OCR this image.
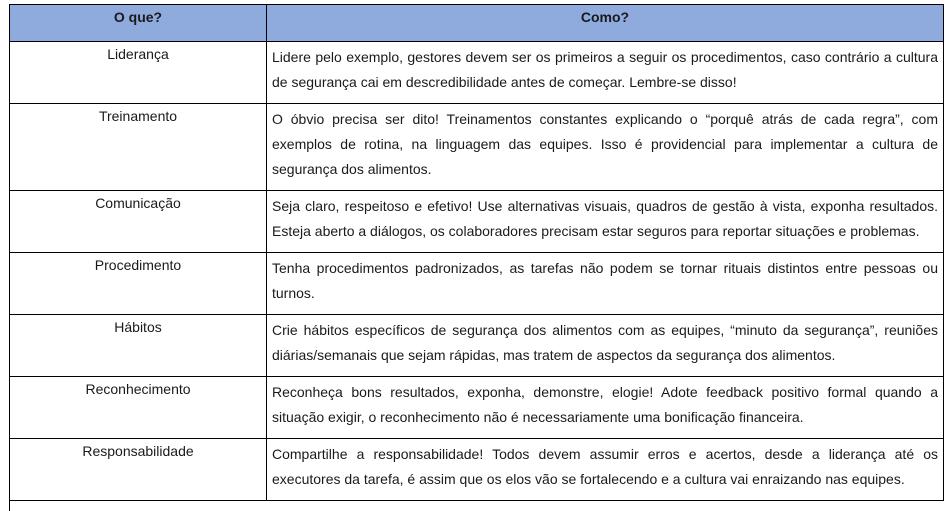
O que?	Como?
Liderança	Lidere pelo exemplo, gestores devem ser os primeiros a seguir os procedimentos, caso contrário a cultura de segurança cai em descredibilidade antes de começar. Lembre-se disso!
Treinamento	O óbvio precisa ser dito! Treinamentos constantes explicando o “porquê atrás de cada regra”, com exemplos de rotina, na linguagem das equipes. Isso é providencial para implementar a cultura de segurança dos alimentos.
Comunicação	Seja claro, respeitoso e efetivo! Use alternativas visuais, quadros de gestão à vista, exponha resultados. Esteja aberto a diálogos, os colaboradores precisam estar seguros para reportar situações e problemas.
Procedimento	Tenha procedimentos padronizados, as tarefas não podem se tornar rituais distintos entre pessoas ou turnos.
Hábitos	Crie hábitos específicos de segurança dos alimentos com as equipes, “minuto da segurança”, reuniões diárias/semanais que sejam rápidas, mas tratem de aspectos da segurança dos alimentos.
Reconhecimento	Reconheça bons resultados, exponha, demonstre, elogie! Adote feedback positivo formal quando a situação exigir, o reconhecimento não é necessariamente uma bonificação financeira.
Responsabilidade	Compartilhe a responsabilidade! Todos devem assumir erros e acertos, desde a liderança até os executores da tarefa, é assim que os elos vão se fortalecendo e a cultura vai enraizando nas equipes.
